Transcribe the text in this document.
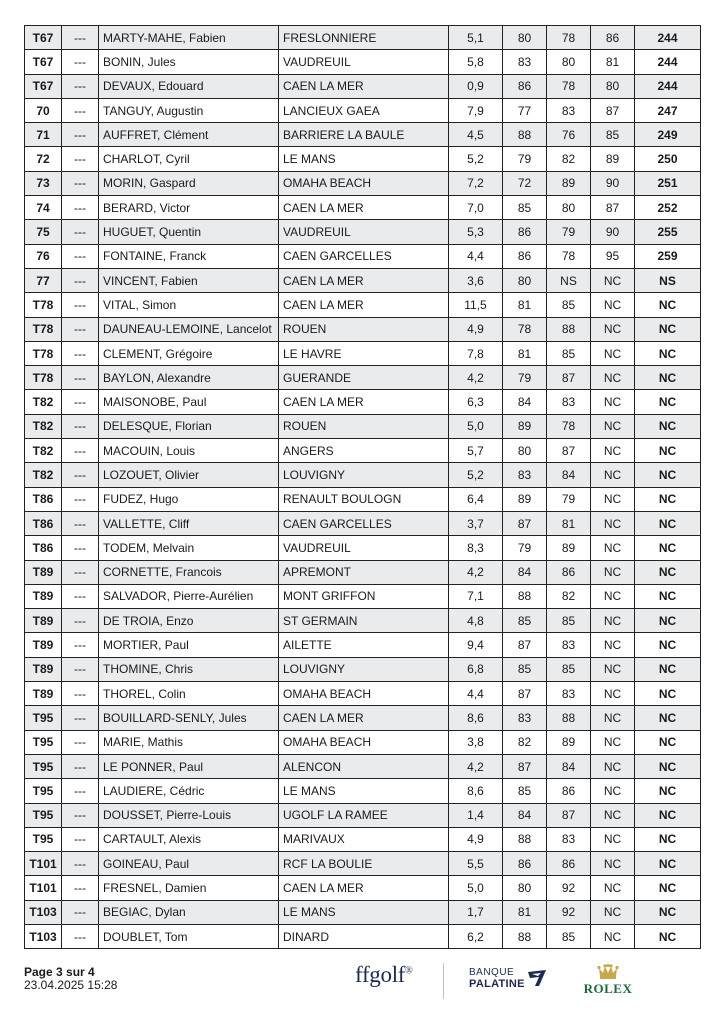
T67	---	MARTY-MAHE, Fabien	FRESLONNIERE	5,1	80	78	86	244
T67	---	BONIN, Jules	VAUDREUIL	5,8	83	80	81	244
T67	---	DEVAUX, Edouard	CAEN LA MER	0,9	86	78	80	244
70	---	TANGUY, Augustin	LANCIEUX GAEA	7,9	77	83	87	247
71	---	AUFFRET, Clément	BARRIERE LA BAULE	4,5	88	76	85	249
72	---	CHARLOT, Cyril	LE MANS	5,2	79	82	89	250
73	---	MORIN, Gaspard	OMAHA BEACH	7,2	72	89	90	251
74	---	BERARD, Victor	CAEN LA MER	7,0	85	80	87	252
75	---	HUGUET, Quentin	VAUDREUIL	5,3	86	79	90	255
76	---	FONTAINE, Franck	CAEN GARCELLES	4,4	86	78	95	259
77	---	VINCENT, Fabien	CAEN LA MER	3,6	80	NS	NC	NS
T78	---	VITAL, Simon	CAEN LA MER	11,5	81	85	NC	NC
T78	---	DAUNEAU-LEMOINE, Lancelot	ROUEN	4,9	78	88	NC	NC
T78	---	CLEMENT, Grégoire	LE HAVRE	7,8	81	85	NC	NC
T78	---	BAYLON, Alexandre	GUERANDE	4,2	79	87	NC	NC
T82	---	MAISONOBE, Paul	CAEN LA MER	6,3	84	83	NC	NC
T82	---	DELESQUE, Florian	ROUEN	5,0	89	78	NC	NC
T82	---	MACOUIN, Louis	ANGERS	5,7	80	87	NC	NC
T82	---	LOZOUET, Olivier	LOUVIGNY	5,2	83	84	NC	NC
T86	---	FUDEZ, Hugo	RENAULT BOULOGN	6,4	89	79	NC	NC
T86	---	VALLETTE, Cliff	CAEN GARCELLES	3,7	87	81	NC	NC
T86	---	TODEM, Melvain	VAUDREUIL	8,3	79	89	NC	NC
T89	---	CORNETTE, Francois	APREMONT	4,2	84	86	NC	NC
T89	---	SALVADOR, Pierre-Aurélien	MONT GRIFFON	7,1	88	82	NC	NC
T89	---	DE TROIA, Enzo	ST GERMAIN	4,8	85	85	NC	NC
T89	---	MORTIER, Paul	AILETTE	9,4	87	83	NC	NC
T89	---	THOMINE, Chris	LOUVIGNY	6,8	85	85	NC	NC
T89	---	THOREL, Colin	OMAHA BEACH	4,4	87	83	NC	NC
T95	---	BOUILLARD-SENLY, Jules	CAEN LA MER	8,6	83	88	NC	NC
T95	---	MARIE, Mathis	OMAHA BEACH	3,8	82	89	NC	NC
T95	---	LE PONNER, Paul	ALENCON	4,2	87	84	NC	NC
T95	---	LAUDIERE, Cédric	LE MANS	8,6	85	86	NC	NC
T95	---	DOUSSET, Pierre-Louis	UGOLF LA RAMEE	1,4	84	87	NC	NC
T95	---	CARTAULT, Alexis	MARIVAUX	4,9	88	83	NC	NC
T101	---	GOINEAU, Paul	RCF LA BOULIE	5,5	86	86	NC	NC
T101	---	FRESNEL, Damien	CAEN LA MER	5,0	80	92	NC	NC
T103	---	BEGIAC, Dylan	LE MANS	1,7	81	92	NC	NC
T103	---	DOUBLET, Tom	DINARD	6,2	88	85	NC	NC
Page 3 sur 4
23.04.2025 15:28	ffgolf®	BANQUE
PALATINE	ROLEX
